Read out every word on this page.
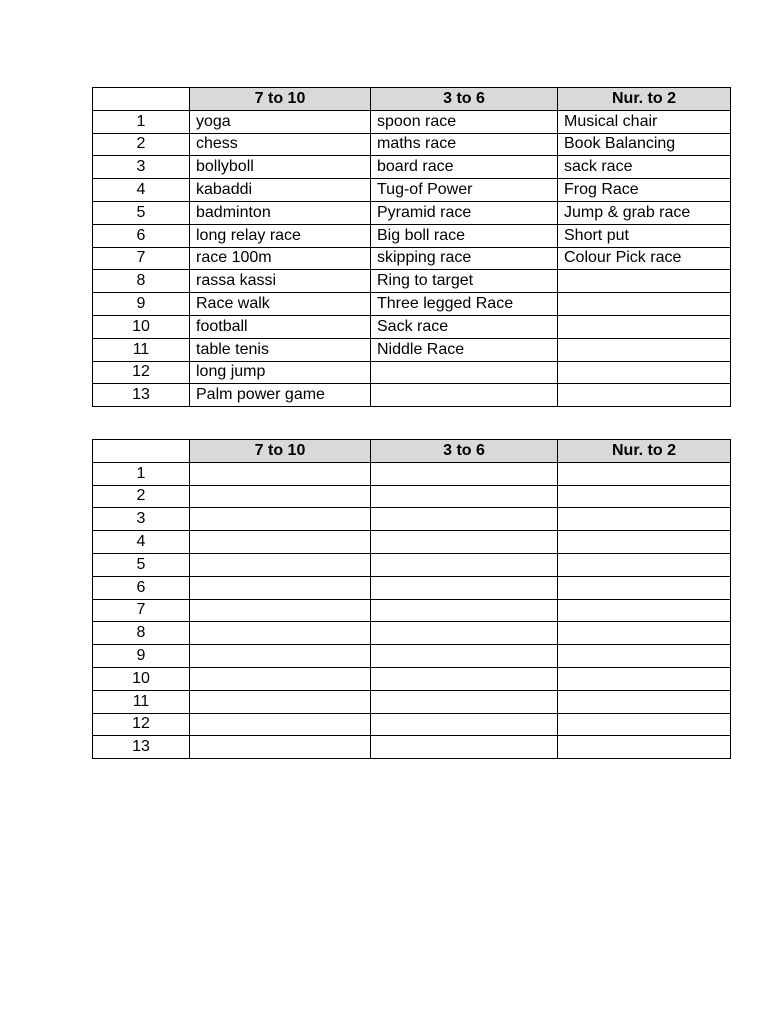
	7 to 10	3 to 6	Nur. to 2
1	yoga	spoon race	Musical chair
2	chess	maths race	Book Balancing
3	bollyboll	board race	sack race
4	kabaddi	Tug-of Power	Frog Race
5	badminton	Pyramid race	Jump & grab race
6	long relay race	Big boll race	Short put
7	race 100m	skipping race	Colour Pick race
8	rassa kassi	Ring to target	
9	Race walk	Three legged Race	
10	football	Sack race	
11	table tenis	Niddle Race	
12	long jump		
13	Palm power game		
	7 to 10	3 to 6	Nur. to 2
1			
2			
3			
4			
5			
6			
7			
8			
9			
10			
11			
12			
13			
